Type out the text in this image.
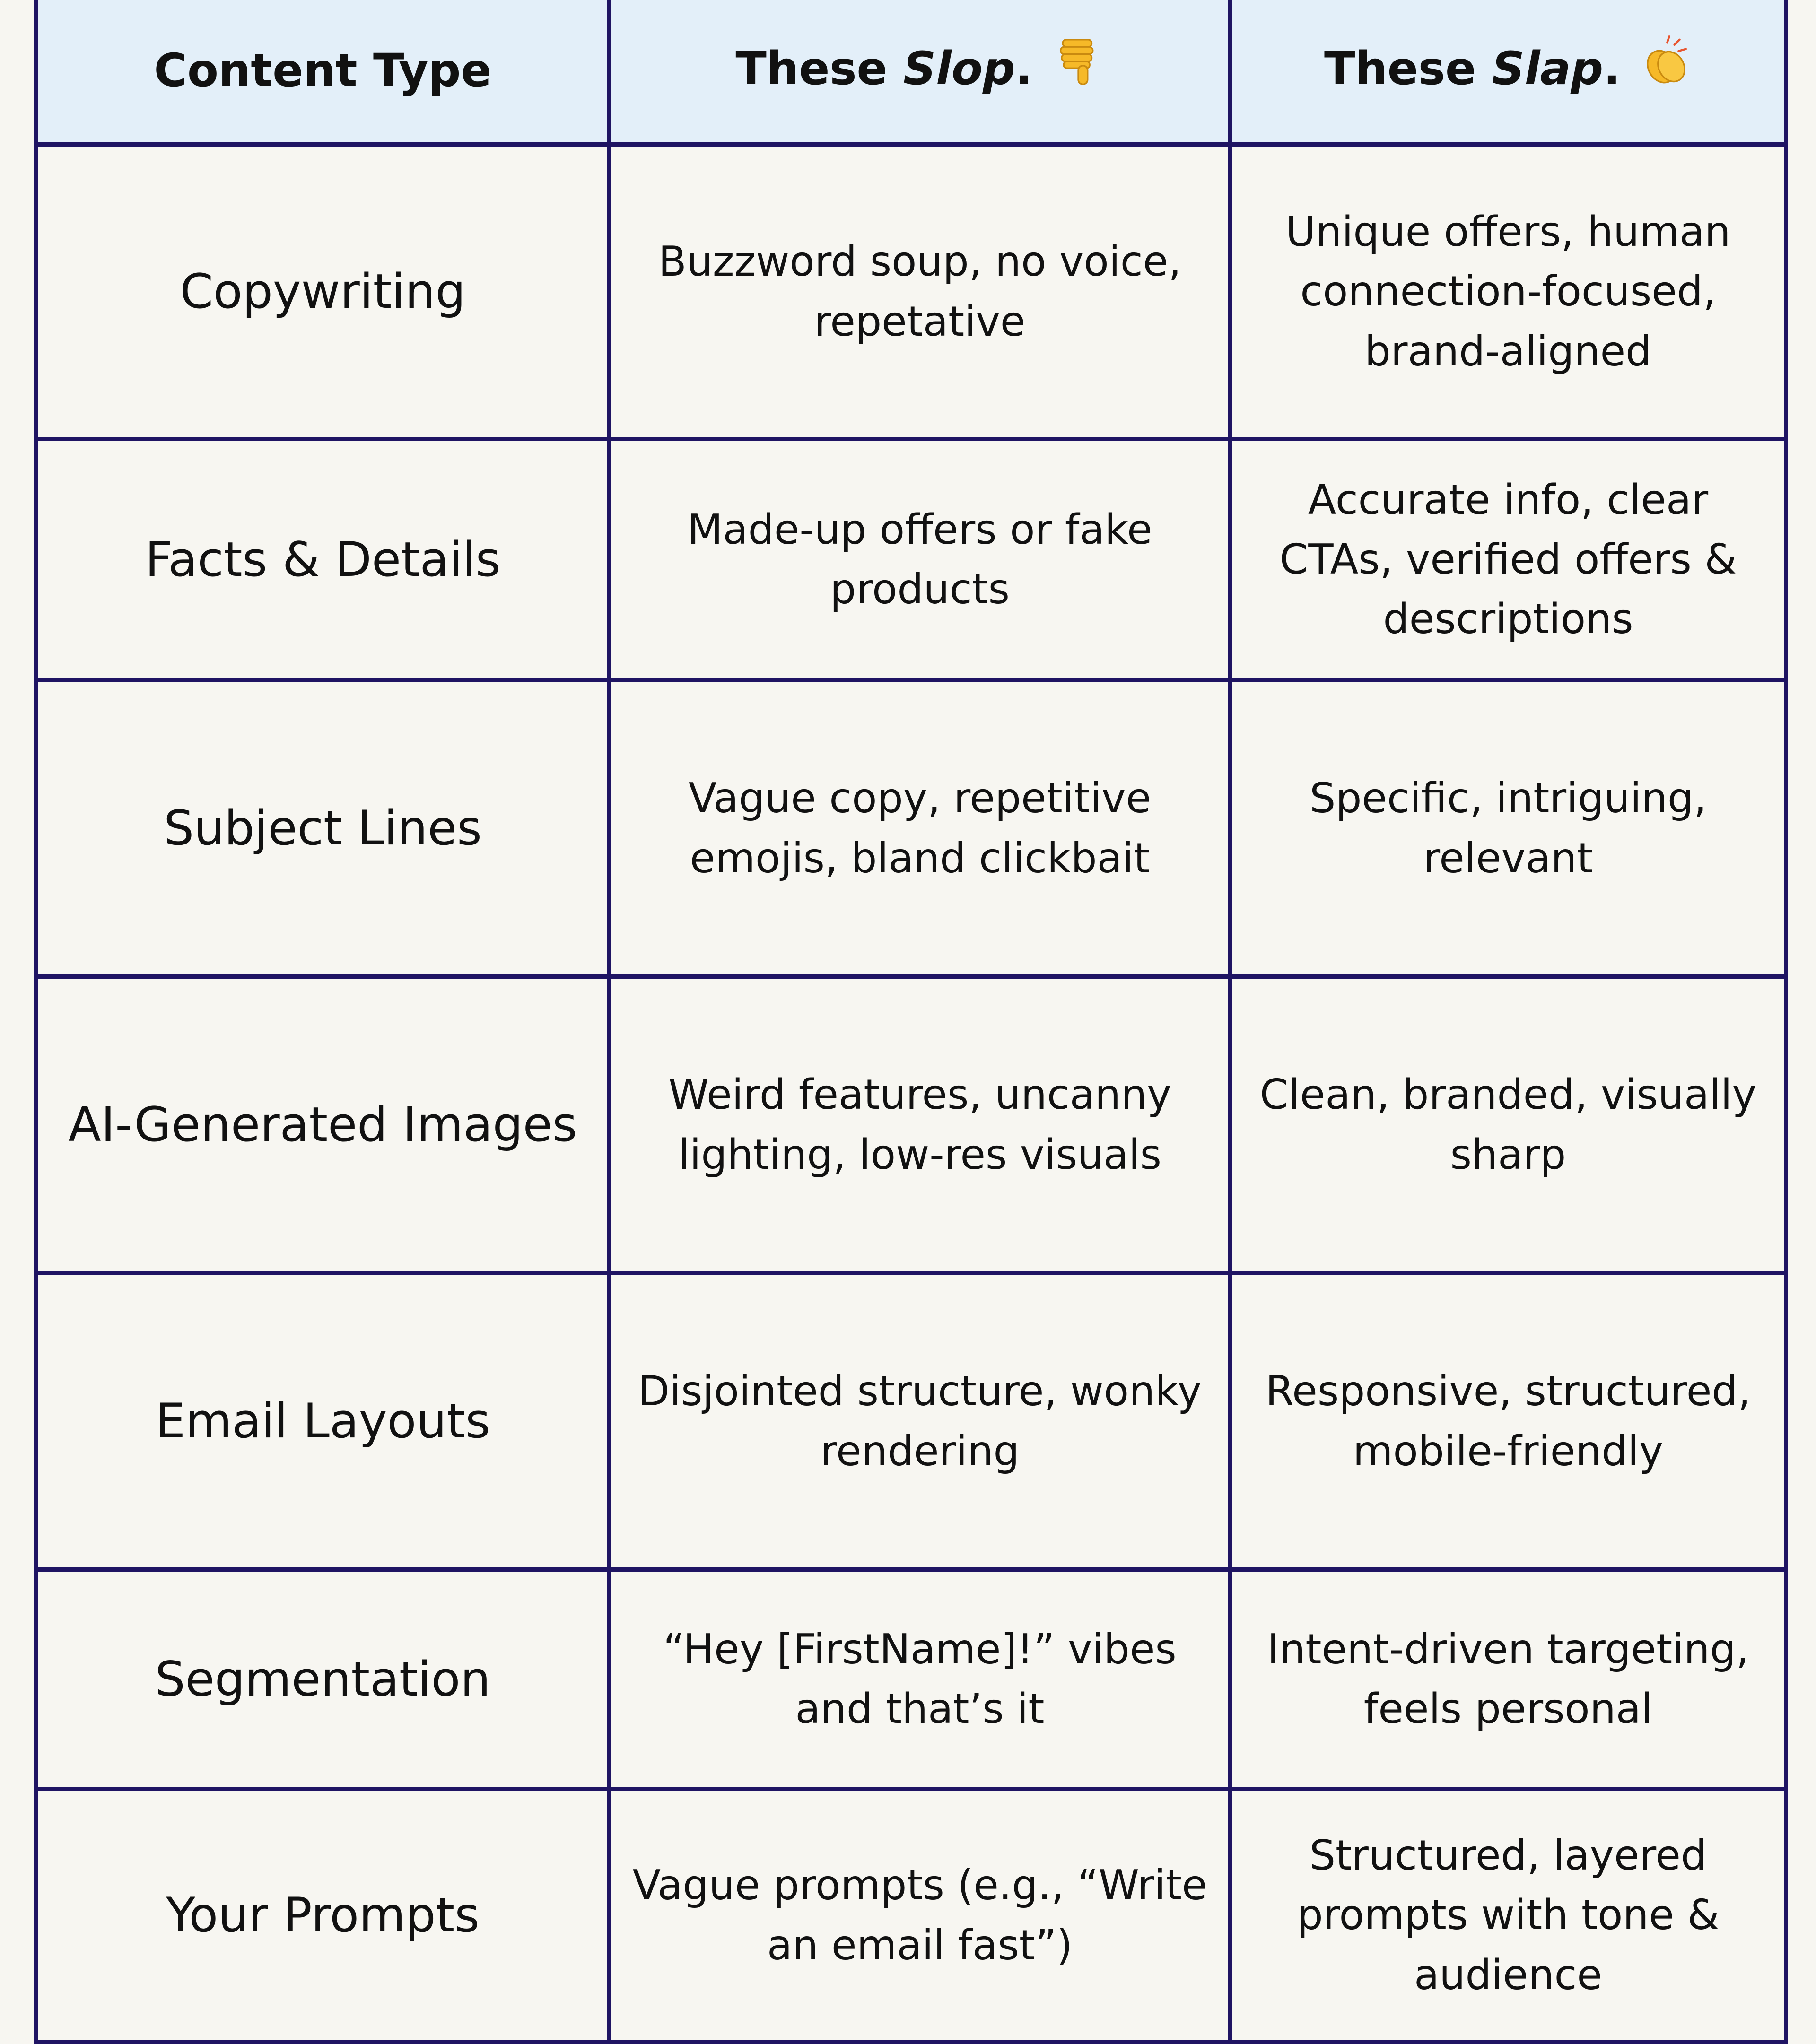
Content Type	These Slop.	These Slap.
Copywriting	Buzzword soup, no voice, repetative	Unique offers, human connection-focused, brand-aligned
Facts & Details	Made-up offers or fake products	Accurate info, clear CTAs, verified offers & descriptions
Subject Lines	Vague copy, repetitive emojis, bland clickbait	Specific, intriguing, relevant
AI-Generated Images	Weird features, uncanny lighting, low-res visuals	Clean, branded, visually sharp
Email Layouts	Disjointed structure, wonky rendering	Responsive, structured, mobile-friendly
Segmentation	“Hey [FirstName]!” vibes and that’s it	Intent-driven targeting, feels personal
Your Prompts	Vague prompts (e.g., “Write an email fast”)	Structured, layered prompts with tone & audience
